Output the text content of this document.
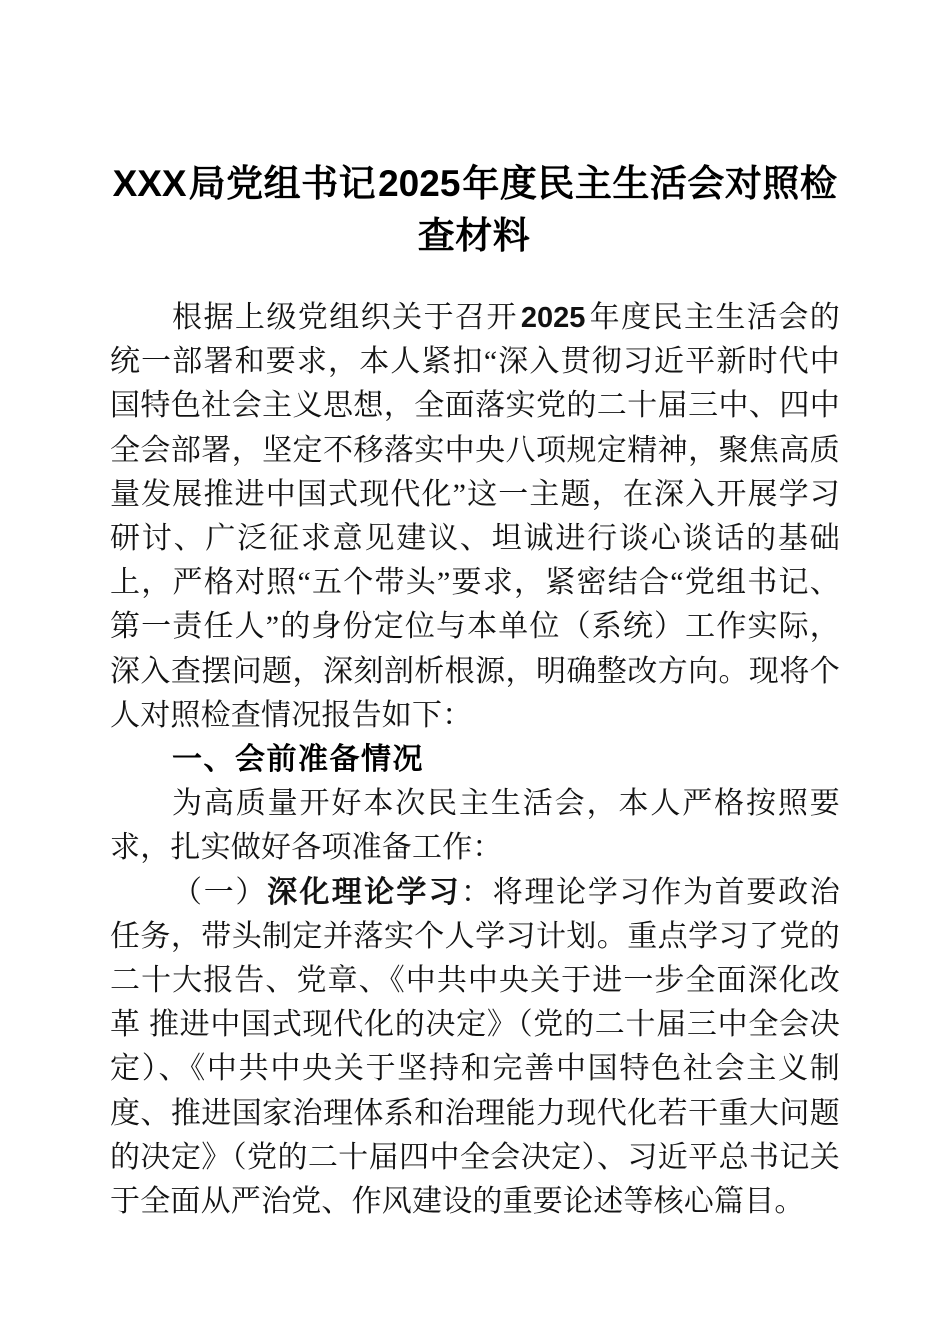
XXX局党组书记2025年度民主生活会对照检查材料

根据上级党组织关于召开 2025 年度民主生活会的统一部署和要求，本人紧扣“深入贯彻习近平新时代中国特色社会主义思想，全面落实党的二十届三中、四中全会部署，坚定不移落实中央八项规定精神，聚焦高质量发展推进中国式现代化”这一主题，在深入开展学习研讨、广泛征求意见建议、坦诚进行谈心谈话的基础上，严格对照“五个带头”要求，紧密结合“党组书记、第一责任人”的身份定位与本单位（系统）工作实际，深入查摆问题，深刻剖析根源，明确整改方向。现将个人对照检查情况报告如下：

一、会前准备情况

为高质量开好本次民主生活会，本人严格按照要求，扎实做好各项准备工作：

（一）深化理论学习：将理论学习作为首要政治任务，带头制定并落实个人学习计划。重点学习了党的二十大报告、党章、《中共中央关于进一步全面深化改革 推进中国式现代化的决定》（党的二十届三中全会决定）、《中共中央关于坚持和完善中国特色社会主义制度、推进国家治理体系和治理能力现代化若干重大问题的决定》（党的二十届四中全会决定）、习近平总书记关于全面从严治党、作风建设的重要论述等核心篇目。
